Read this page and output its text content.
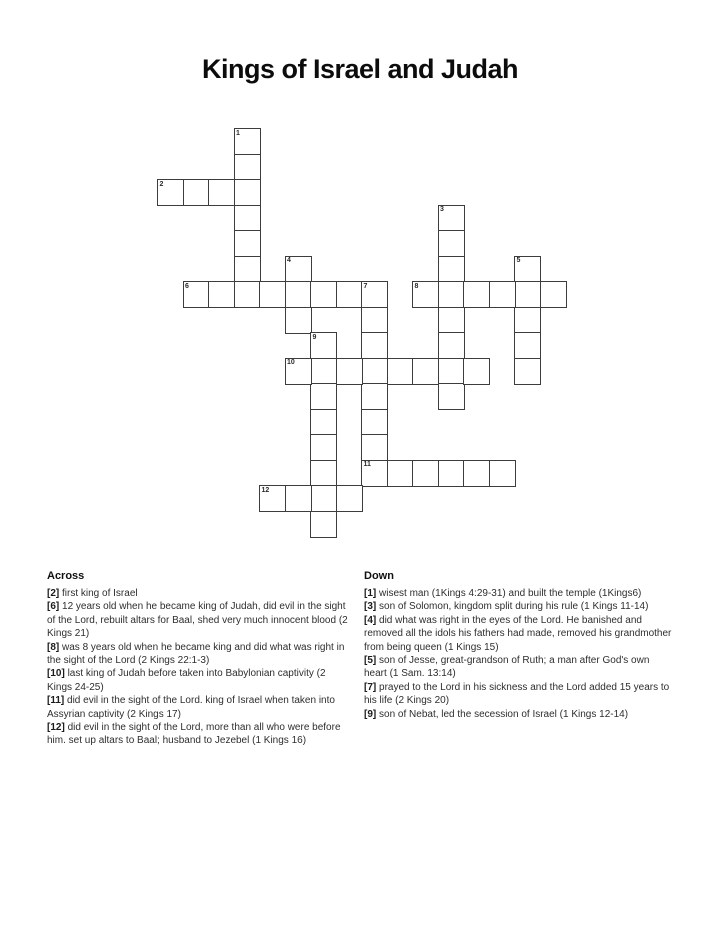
Kings of Israel and Judah
1
2
3
4	5
6	7
11
8
9
10
12
Across
[2] first king of Israel
[6] 12 years old when he became king of Judah, did evil in the sight of the Lord, rebuilt altars for Baal, shed very much innocent blood (2 Kings 21)
[8] was 8 years old when he became king and did what was right in the sight of the Lord (2 Kings 22:1-3)
[10] last king of Judah before taken into Babylonian captivity (2 Kings 24-25)
[11] did evil in the sight of the Lord. king of Israel when taken into Assyrian captivity (2 Kings 17)
[12] did evil in the sight of the Lord, more than all who were before him. set up altars to Baal; husband to Jezebel (1 Kings 16)
Down
[1] wisest man (1Kings 4:29-31) and built the temple (1Kings6)
[3] son of Solomon, kingdom split during his rule (1 Kings 11-14)
[4] did what was right in the eyes of the Lord. He banished and removed all the idols his fathers had made, removed his grandmother from being queen (1 Kings 15)
[5] son of Jesse, great-grandson of Ruth; a man after God's own heart (1 Sam. 13:14)
[7] prayed to the Lord in his sickness and the Lord added 15 years to his life (2 Kings 20)
[9] son of Nebat, led the secession of Israel (1 Kings 12-14)
